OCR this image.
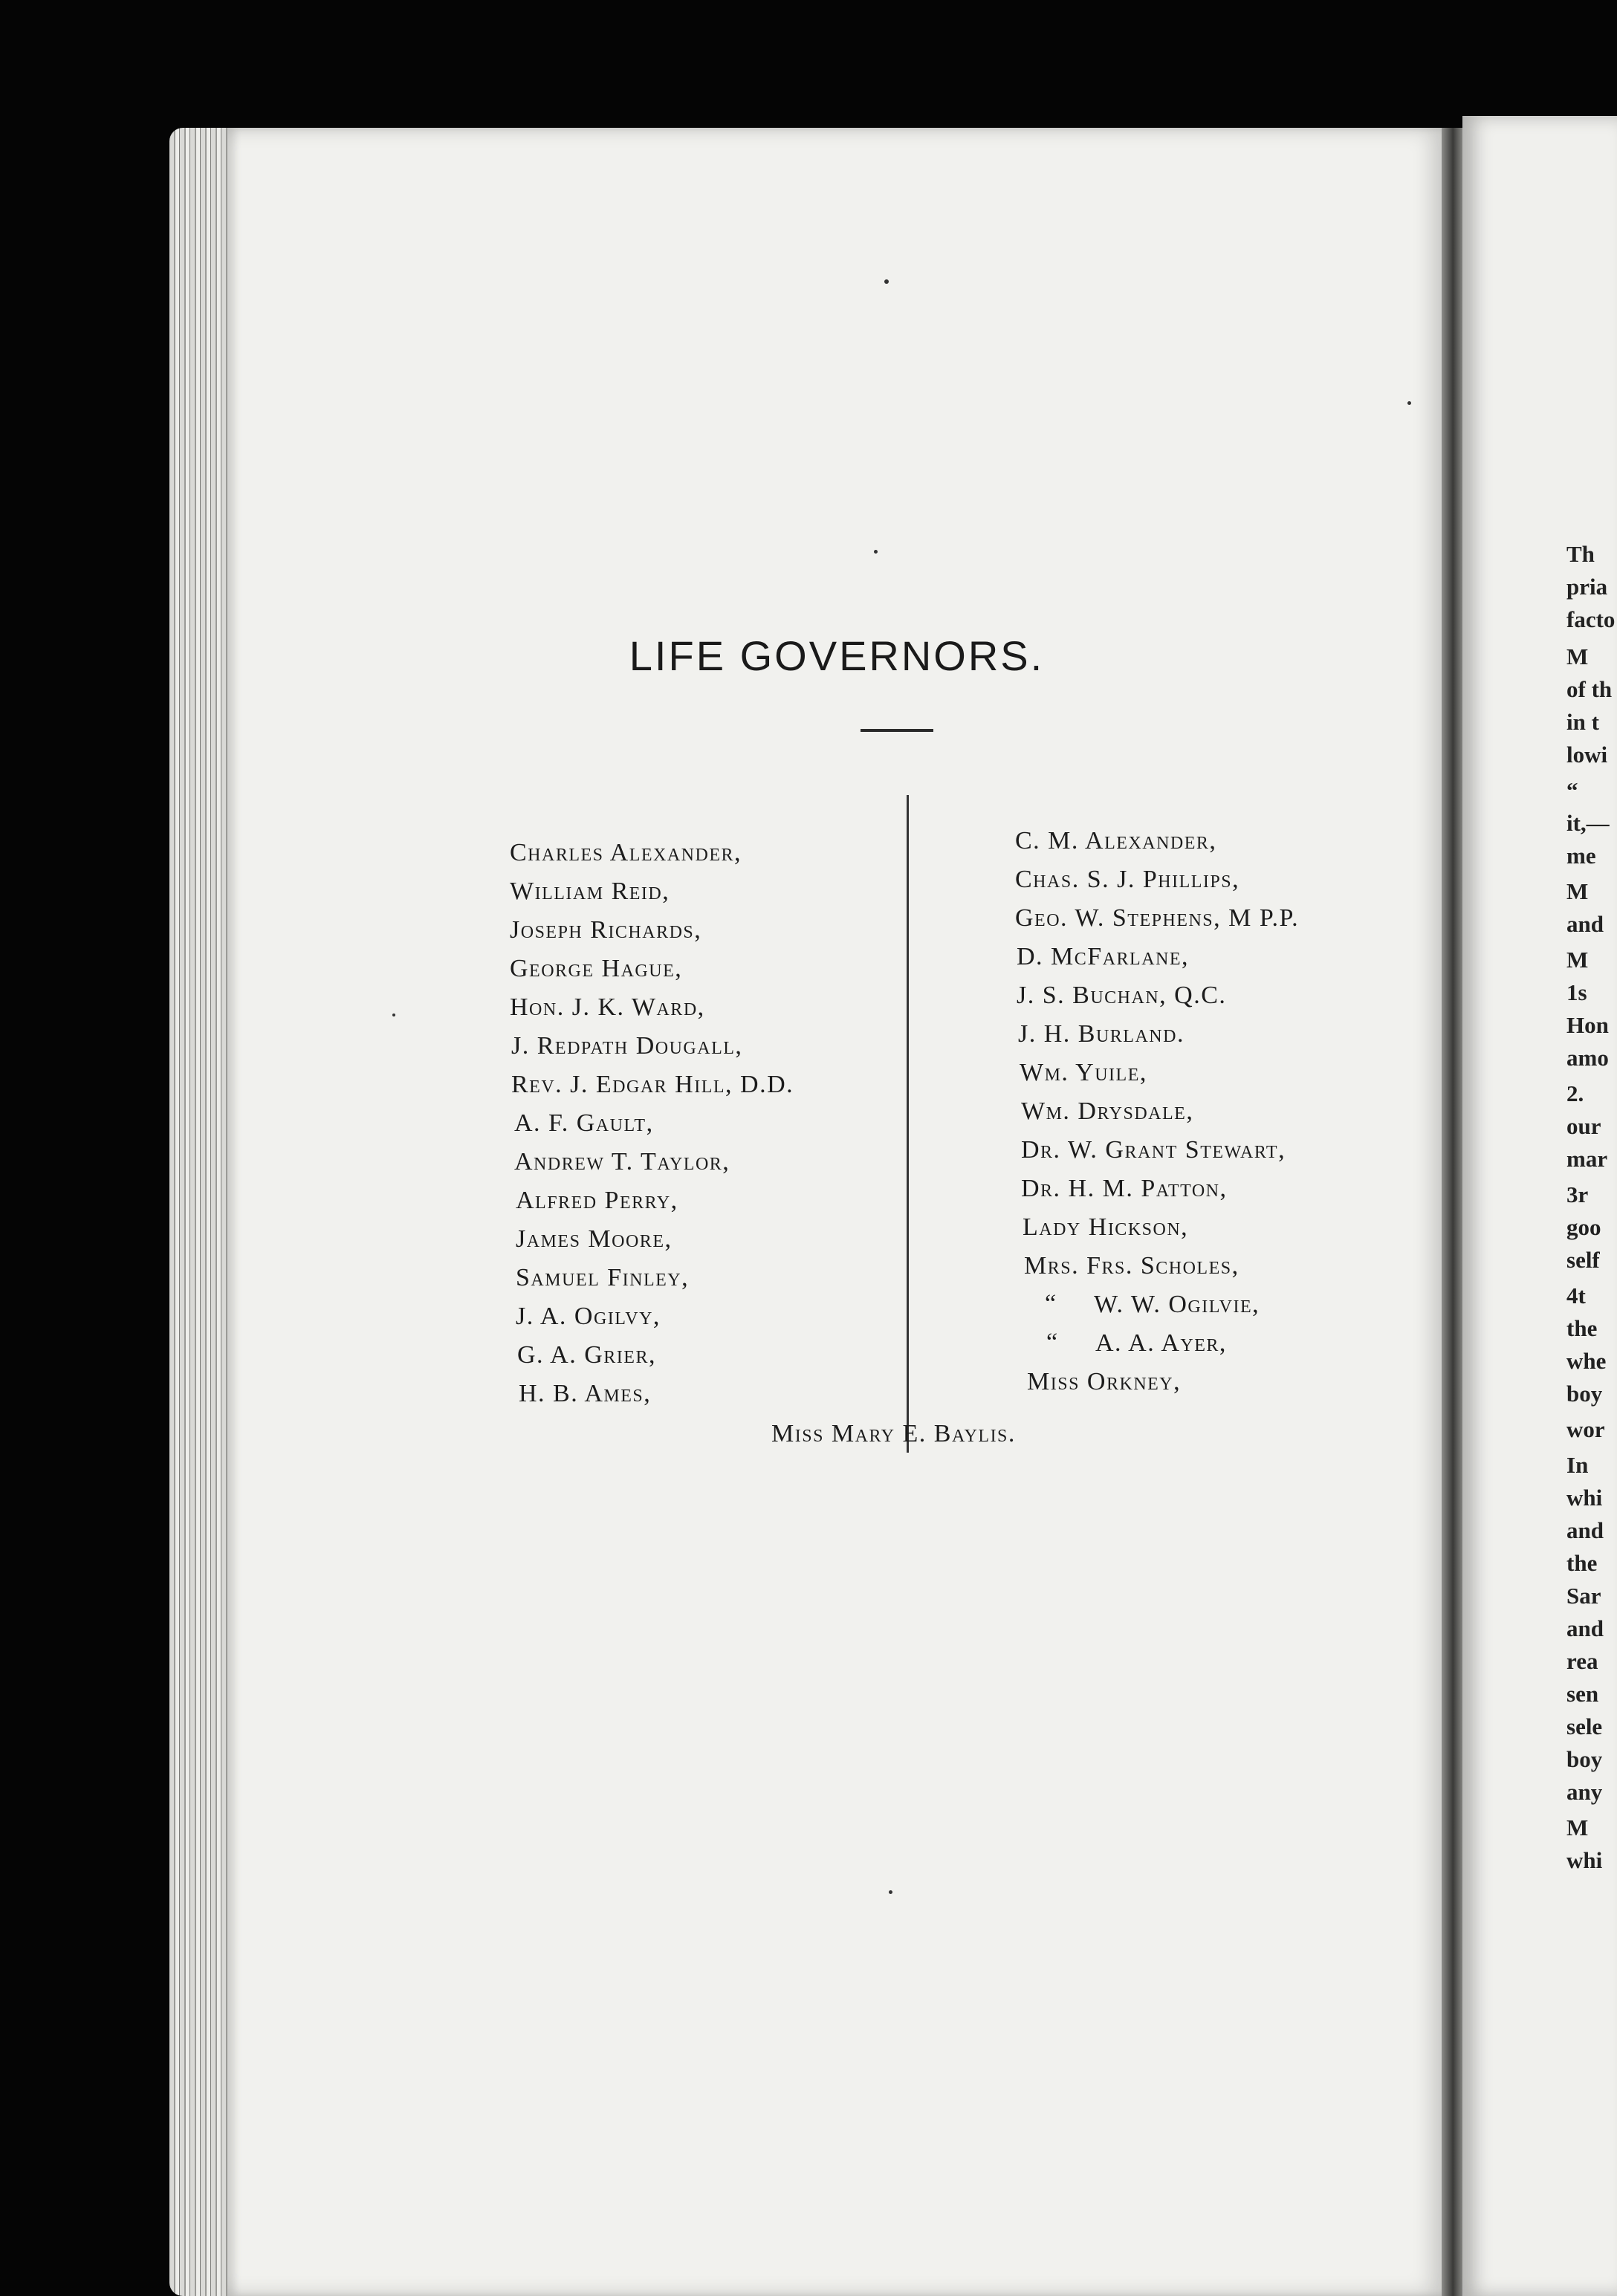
Th
pria
facto
M
of th
in t
lowi
“
it,—
me
M
and
M
1s
Hon
amo
2.
our
mar
3r
goo
self
4t
the
whe
boy
wor
In
whi
and
the
Sar
and
rea
sen
sele
boy
any
M
whi
LIFE GOVERNORS.
Charles Alexander,
William Reid,
Joseph Richards,
George Hague,
Hon. J. K. Ward,
J. Redpath Dougall,
Rev. J. Edgar Hill, D.D.
A. F. Gault,
Andrew T. Taylor,
Alfred Perry,
James Moore,
Samuel Finley,
J. A. Ogilvy,
G. A. Grier,
H. B. Ames,
C. M. Alexander,
Chas. S. J. Phillips,
Geo. W. Stephens, M P.P.
D. McFarlane,
J. S. Buchan, Q.C.
J. H. Burland.
Wm. Yuile,
Wm. Drysdale,
Dr. W. Grant Stewart,
Dr. H. M. Patton,
Lady Hickson,
Mrs. Frs. Scholes,
“ W. W. Ogilvie,
“ A. A. Ayer,
Miss Orkney,
Miss Mary E. Baylis.
